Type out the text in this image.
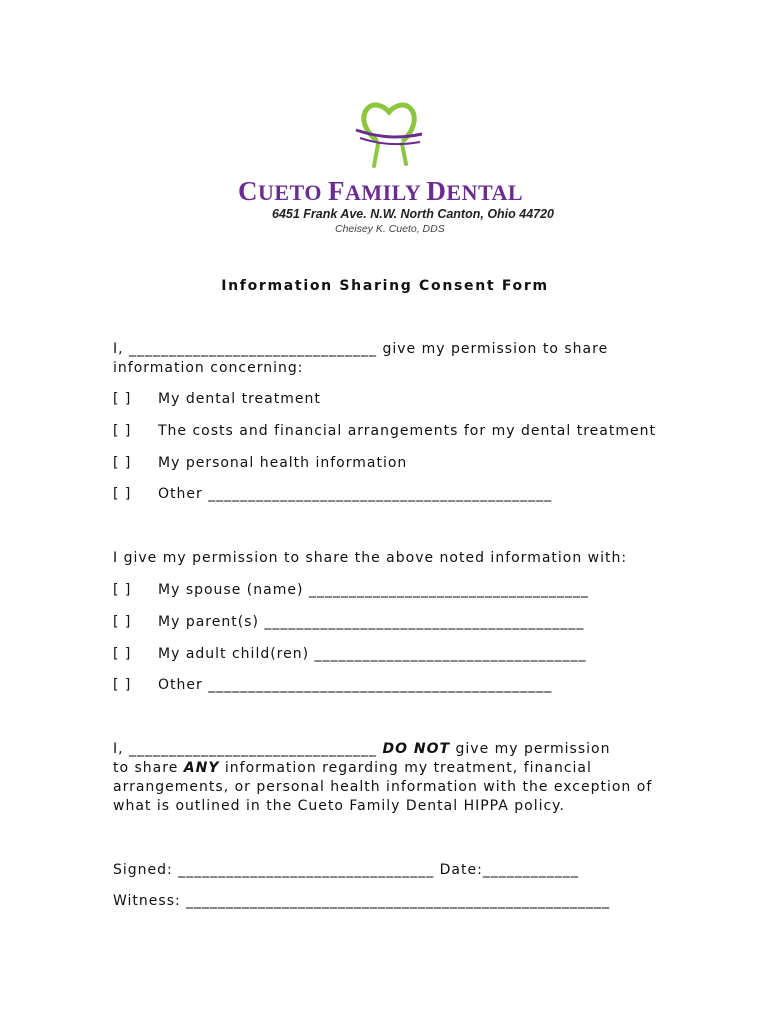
CUETO FAMILY DENTAL
6451 Frank Ave. N.W. North Canton, Ohio 44720
Cheisey K. Cueto, DDS
Information Sharing Consent Form
I, _______________________________ give my permission to share
information concerning:
[ ] My dental treatment
[ ] The costs and financial arrangements for my dental treatment
[ ] My personal health information
[ ] Other ___________________________________________
I give my permission to share the above noted information with:
[ ] My spouse (name) ___________________________________
[ ] My parent(s) ________________________________________
[ ] My adult child(ren) __________________________________
[ ] Other ___________________________________________
I, _______________________________ DO NOT give my permission
to share ANY information regarding my treatment, financial
arrangements, or personal health information with the exception of
what is outlined in the Cueto Family Dental HIPPA policy.
Signed: ________________________________ Date:____________
Witness: _____________________________________________________
